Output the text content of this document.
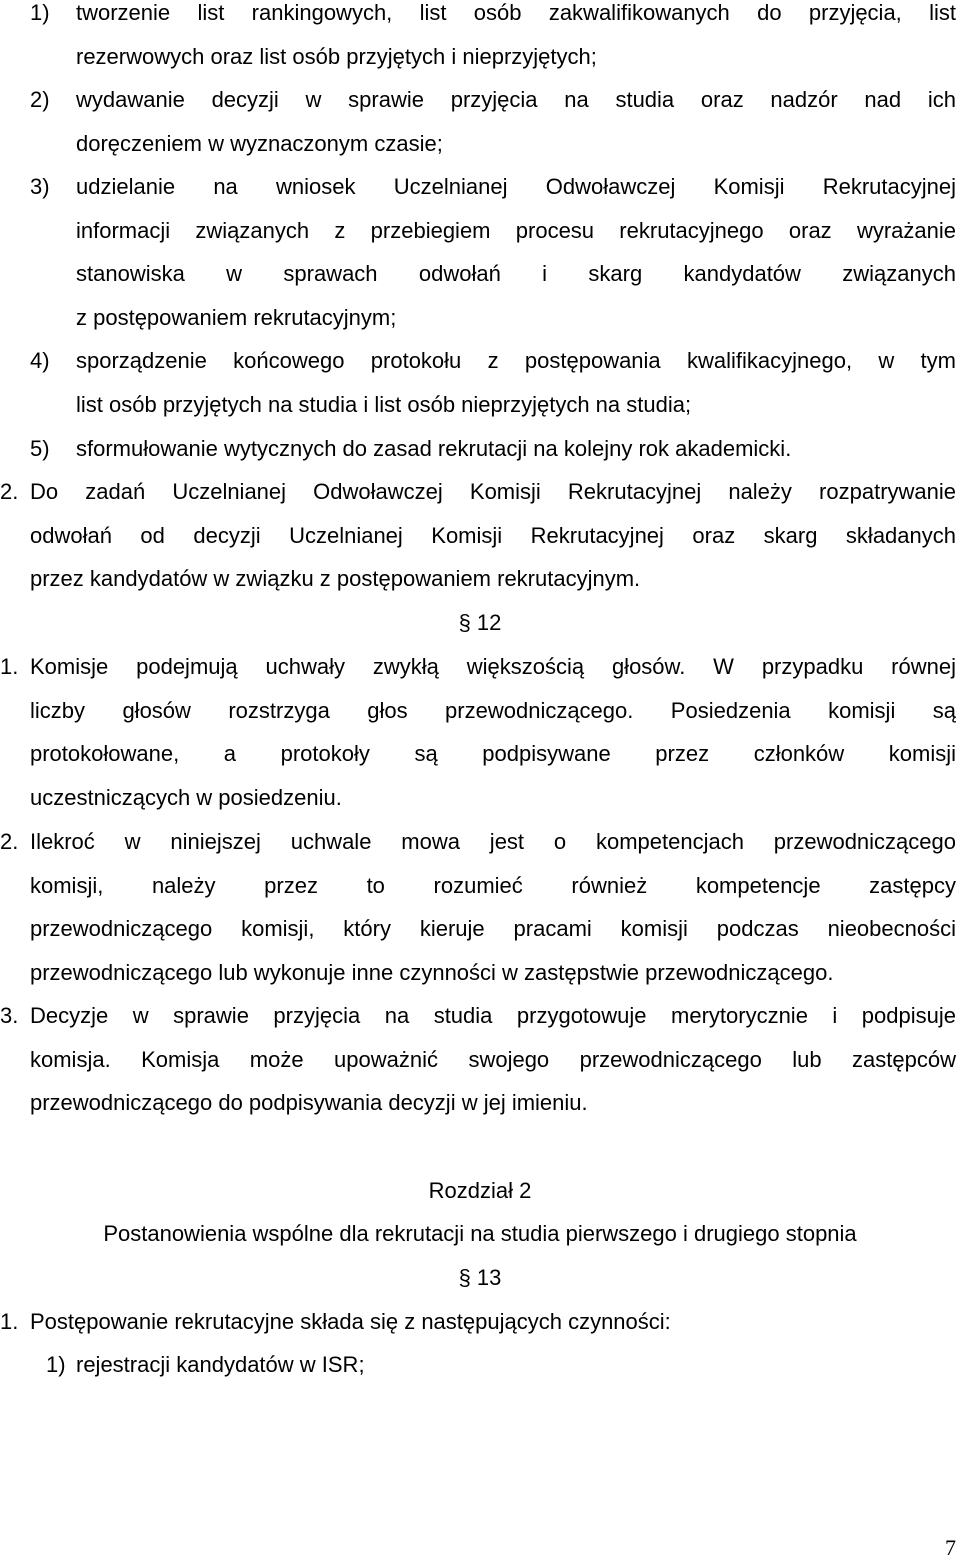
1) tworzenie list rankingowych, list osób zakwalifikowanych do przyjęcia, list
rezerwowych oraz list osób przyjętych i nieprzyjętych;
2) wydawanie decyzji w sprawie przyjęcia na studia oraz nadzór nad ich
doręczeniem w wyznaczonym czasie;
3) udzielanie na wniosek Uczelnianej Odwoławczej Komisji Rekrutacyjnej
informacji związanych z przebiegiem procesu rekrutacyjnego oraz wyrażanie
stanowiska w sprawach odwołań i skarg kandydatów związanych
z postępowaniem rekrutacyjnym;
4) sporządzenie końcowego protokołu z postępowania kwalifikacyjnego, w tym
list osób przyjętych na studia i list osób nieprzyjętych na studia;
5) sformułowanie wytycznych do zasad rekrutacji na kolejny rok akademicki.
2. Do zadań Uczelnianej Odwoławczej Komisji Rekrutacyjnej należy rozpatrywanie
odwołań od decyzji Uczelnianej Komisji Rekrutacyjnej oraz skarg składanych
przez kandydatów w związku z postępowaniem rekrutacyjnym.
§ 12
1. Komisje podejmują uchwały zwykłą większością głosów. W przypadku równej
liczby głosów rozstrzyga głos przewodniczącego. Posiedzenia komisji są
protokołowane, a protokoły są podpisywane przez członków komisji
uczestniczących w posiedzeniu.
2. Ilekroć w niniejszej uchwale mowa jest o kompetencjach przewodniczącego
komisji, należy przez to rozumieć również kompetencje zastępcy
przewodniczącego komisji, który kieruje pracami komisji podczas nieobecności
przewodniczącego lub wykonuje inne czynności w zastępstwie przewodniczącego.
3. Decyzje w sprawie przyjęcia na studia przygotowuje merytorycznie i podpisuje
komisja. Komisja może upoważnić swojego przewodniczącego lub zastępców
przewodniczącego do podpisywania decyzji w jej imieniu.
Rozdział 2
Postanowienia wspólne dla rekrutacji na studia pierwszego i drugiego stopnia
§ 13
1. Postępowanie rekrutacyjne składa się z następujących czynności:
1) rejestracji kandydatów w ISR;
7
